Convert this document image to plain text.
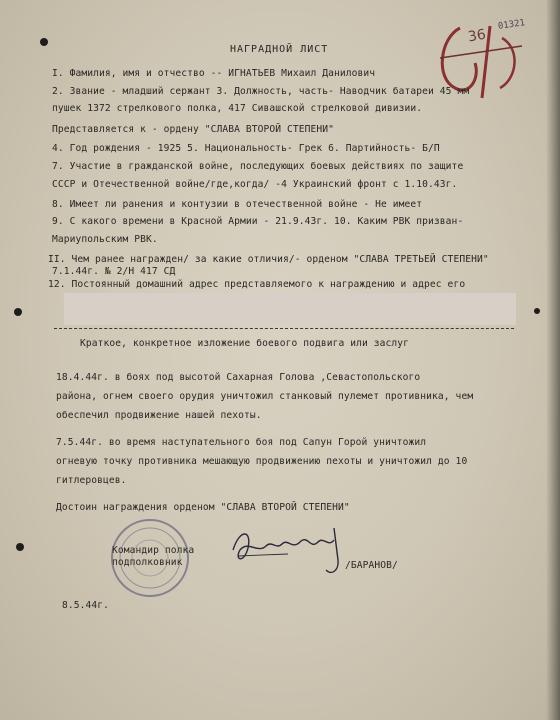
01321
36
НАГРАДНОЙ ЛИСТ
I. Фамилия, имя и отчество -- ИГНАТЬЕВ Михаил Данилович
2. Звание - младший сержант 3. Должность, часть- Наводчик батареи 45 мм
пушек 1372 стрелкового полка, 417 Сивашской стрелковой дивизии.
Представляется к - ордену "СЛАВА ВТОРОЙ СТЕПЕНИ"
4. Год рождения - 1925 5. Национальность- Грек 6. Партийность- Б/П
7. Участие в гражданской войне, последующих боевых действиях по защите
СССР и Отечественной войне/где,когда/ -4 Украинский фронт с 1.10.43г.
8. Имеет ли ранения и контузии в отечественной войне - Не имеет
9. С какого времени в Красной Армии - 21.9.43г. 10. Каким РВК призван-
Мариупольским РВК.
II. Чем ранее награжден/ за какие отличия/- орденом "СЛАВА ТРЕТЬЕЙ СТЕПЕНИ"
7.1.44г. № 2/Н 417 СД
12. Постоянный домашний адрес представляемого к награждению и адрес его
Краткое, конкретное изложение боевого подвига или заслуг
18.4.44г. в боях под высотой Сахарная Голова ,Севастопольского
района, огнем своего орудия уничтожил станковый пулемет противника, чем
обеспечил продвижение нашей пехоты.
7.5.44г. во время наступательного боя под Сапун Горой уничтожил
огневую точку противника мешающую продвижению пехоты и уничтожил до 10
гитлеровцев.
Достоин награждения орденом "СЛАВА ВТОРОЙ СТЕПЕНИ"
Командир полка
подполковник	/БАРАНОВ/
8.5.44г.
